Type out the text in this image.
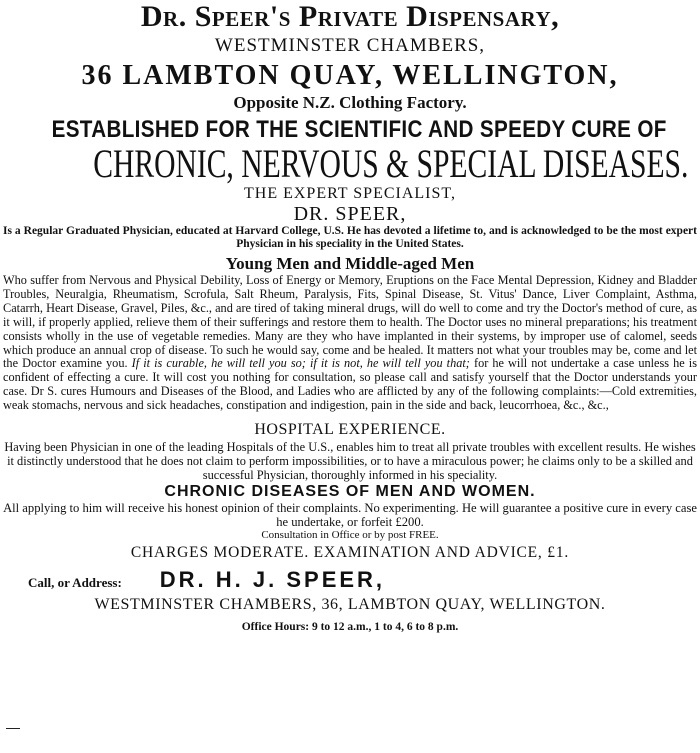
Dr. Speer's Private Dispensary,

WESTMINSTER CHAMBERS,

36 LAMBTON QUAY, WELLINGTON,

Opposite N.Z. Clothing Factory.

ESTABLISHED FOR THE SCIENTIFIC AND SPEEDY CURE OF

CHRONIC, NERVOUS & SPECIAL DISEASES.

THE EXPERT SPECIALIST,

DR. SPEER,

Is a Regular Graduated Physician, educated at Harvard College, U.S. He has devoted a lifetime to, and is acknowledged to be the most expert Physician in his speciality in the United States.

Young Men and Middle-aged Men

Who suffer from Nervous and Physical Debility, Loss of Energy or Memory, Eruptions on the Face Mental Depression, Kidney and Bladder Troubles, Neuralgia, Rheumatism, Scrofula, Salt Rheum, Paralysis, Fits, Spinal Disease, St. Vitus' Dance, Liver Complaint, Asthma, Catarrh, Heart Disease, Gravel, Piles, &c., and are tired of taking mineral drugs, will do well to come and try the Doctor's method of cure, as it will, if properly applied, relieve them of their sufferings and restore them to health. The Doctor uses no mineral preparations; his treatment consists wholly in the use of vegetable remedies. Many are they who have implanted in their systems, by improper use of calomel, seeds which produce an annual crop of disease. To such he would say, come and be healed. It matters not what your troubles may be, come and let the Doctor examine you. If it is curable, he will tell you so; if it is not, he will tell you that; for he will not undertake a case unless he is confident of effecting a cure. It will cost you nothing for consultation, so please call and satisfy yourself that the Doctor understands your case. Dr S. cures Humours and Diseases of the Blood, and Ladies who are afflicted by any of the following complaints:—Cold extremities, weak stomachs, nervous and sick headaches, constipation and indigestion, pain in the side and back, leucorrhoea, &c., &c.,

HOSPITAL EXPERIENCE.

Having been Physician in one of the leading Hospitals of the U.S., enables him to treat all private troubles with excellent results. He wishes it distinctly understood that he does not claim to perform impossibilities, or to have a miraculous power; he claims only to be a skilled and successful Physician, thoroughly informed in his speciality.

CHRONIC DISEASES OF MEN AND WOMEN.

All applying to him will receive his honest opinion of their complaints. No experimenting. He will guarantee a positive cure in every case he undertake, or forfeit £200.

Consultation in Office or by post FREE.

CHARGES MODERATE. EXAMINATION AND ADVICE, £1.

Call, or Address: DR. H. J. SPEER,

WESTMINSTER CHAMBERS, 36, LAMBTON QUAY, WELLINGTON.

Office Hours: 9 to 12 a.m., 1 to 4, 6 to 8 p.m.
